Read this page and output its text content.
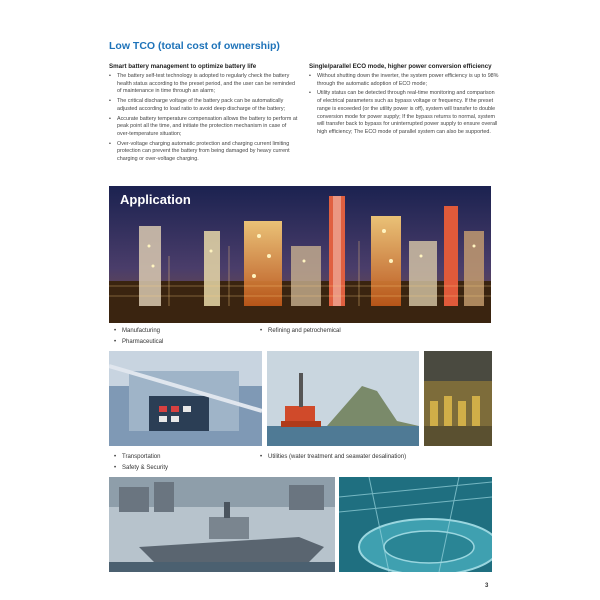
Low TCO (total cost of ownership)
Smart battery management to optimize battery life
• The battery self-test technology is adopted to regularly check the battery health status according to the preset period, and the user can be reminded of maintenance in time through an alarm;
• The critical discharge voltage of the battery pack can be automatically adjusted according to load ratio to avoid deep discharge of the battery;
• Accurate battery temperature compensation allows the battery to perform at peak point all the time, and initiate the protection mechanism in case of over-temperature situation;
• Over-voltage charging automatic protection and charging current limiting protection can prevent the battery from being damaged by heavy current charging or over-voltage charging.
Single/parallel ECO mode, higher power conversion efficiency
• Without shutting down the inverter, the system power efficiency is up to 98% through the automatic adoption of ECO mode;
• Utility status can be detected through real-time monitoring and comparison of electrical parameters such as bypass voltage or frequency. If the preset range is exceeded (or the utility power is off), system will transfer to double conversion mode for power supply; If the bypass returns to normal, system will transfer back to bypass for uninterrupted power supply to ensure overall high efficiency; The ECO mode of parallel system can also be supported.
Application
• Manufacturing	• Refining and petrochemical
• Pharmaceutical
• Transportation	• Utilities (water treatment and seawater desalination)
• Safety & Security
3
